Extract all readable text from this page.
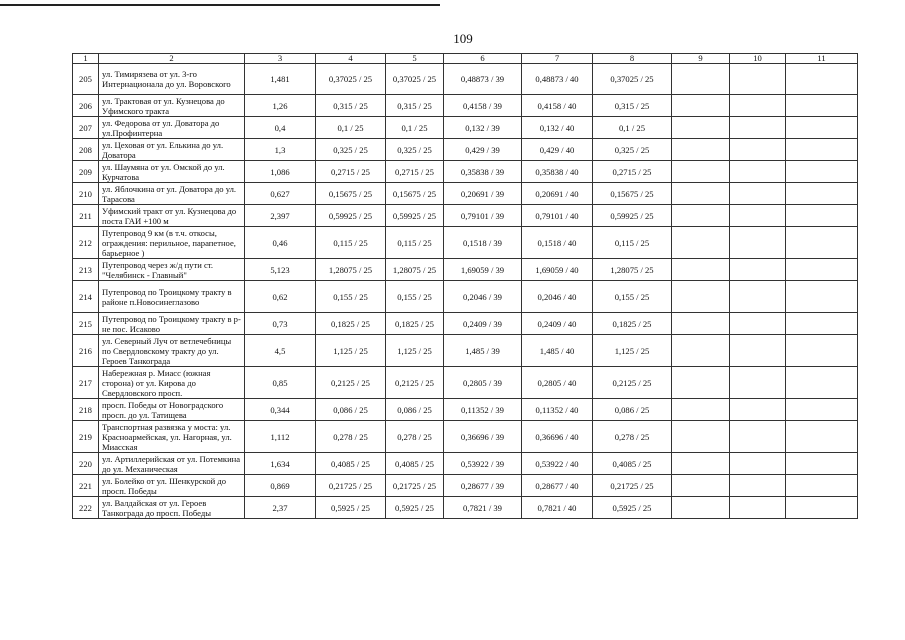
109
1	2	3	4	5	6	7	8	9	10	11
205	ул. Тимирязева от ул. 3-го Интернационала до ул. Воровского	1,481	0,37025 / 25	0,37025 / 25	0,48873 / 39	0,48873 / 40	0,37025 / 25			
206	ул. Трактовая от ул. Кузнецова до Уфимского тракта	1,26	0,315 / 25	0,315 / 25	0,4158 / 39	0,4158 / 40	0,315 / 25			
207	ул. Федорова от ул. Доватора до ул.Профинтерна	0,4	0,1 / 25	0,1 / 25	0,132 / 39	0,132 / 40	0,1 / 25			
208	ул. Цеховая от ул. Елькина до ул. Доватора	1,3	0,325 / 25	0,325 / 25	0,429 / 39	0,429 / 40	0,325 / 25			
209	ул. Шаумяна от ул. Омской до ул. Курчатова	1,086	0,2715 / 25	0,2715 / 25	0,35838 / 39	0,35838 / 40	0,2715 / 25			
210	ул. Яблочкина от ул. Доватора до ул. Тарасова	0,627	0,15675 / 25	0,15675 / 25	0,20691 / 39	0,20691 / 40	0,15675 / 25			
211	Уфимский тракт от ул. Кузнецова до поста ГАИ +100 м	2,397	0,59925 / 25	0,59925 / 25	0,79101 / 39	0,79101 / 40	0,59925 / 25			
212	Путепровод 9 км (в т.ч. откосы, ограждения: перильное, парапетное, барьерное )	0,46	0,115 / 25	0,115 / 25	0,1518 / 39	0,1518 / 40	0,115 / 25			
213	Путепровод через ж/д пути ст. "Челябинск - Главный"	5,123	1,28075 / 25	1,28075 / 25	1,69059 / 39	1,69059 / 40	1,28075 / 25			
214	Путепровод по Троицкому тракту в районе п.Новосинеглазово	0,62	0,155 / 25	0,155 / 25	0,2046 / 39	0,2046 / 40	0,155 / 25			
215	Путепровод по Троицкому тракту в р-не пос. Исаково	0,73	0,1825 / 25	0,1825 / 25	0,2409 / 39	0,2409 / 40	0,1825 / 25			
216	ул. Северный Луч от ветлечебницы по Свердловскому тракту до ул. Героев Танкограда	4,5	1,125 / 25	1,125 / 25	1,485 / 39	1,485 / 40	1,125 / 25			
217	Набережная р. Миасс (южная сторона) от ул. Кирова до Свердловского просп.	0,85	0,2125 / 25	0,2125 / 25	0,2805 / 39	0,2805 / 40	0,2125 / 25			
218	просп. Победы от Новоградского просп. до ул. Татищева	0,344	0,086 / 25	0,086 / 25	0,11352 / 39	0,11352 / 40	0,086 / 25			
219	Транспортная развязка у моста: ул. Красноармейская, ул. Нагорная, ул. Миасская	1,112	0,278 / 25	0,278 / 25	0,36696 / 39	0,36696 / 40	0,278 / 25			
220	ул. Артиллерийская от ул. Потемкина до ул. Механическая	1,634	0,4085 / 25	0,4085 / 25	0,53922 / 39	0,53922 / 40	0,4085 / 25			
221	ул. Болейко от ул. Шенкурской до просп. Победы	0,869	0,21725 / 25	0,21725 / 25	0,28677 / 39	0,28677 / 40	0,21725 / 25			
222	ул. Валдайская от ул. Героев Танкограда до просп. Победы	2,37	0,5925 / 25	0,5925 / 25	0,7821 / 39	0,7821 / 40	0,5925 / 25			
